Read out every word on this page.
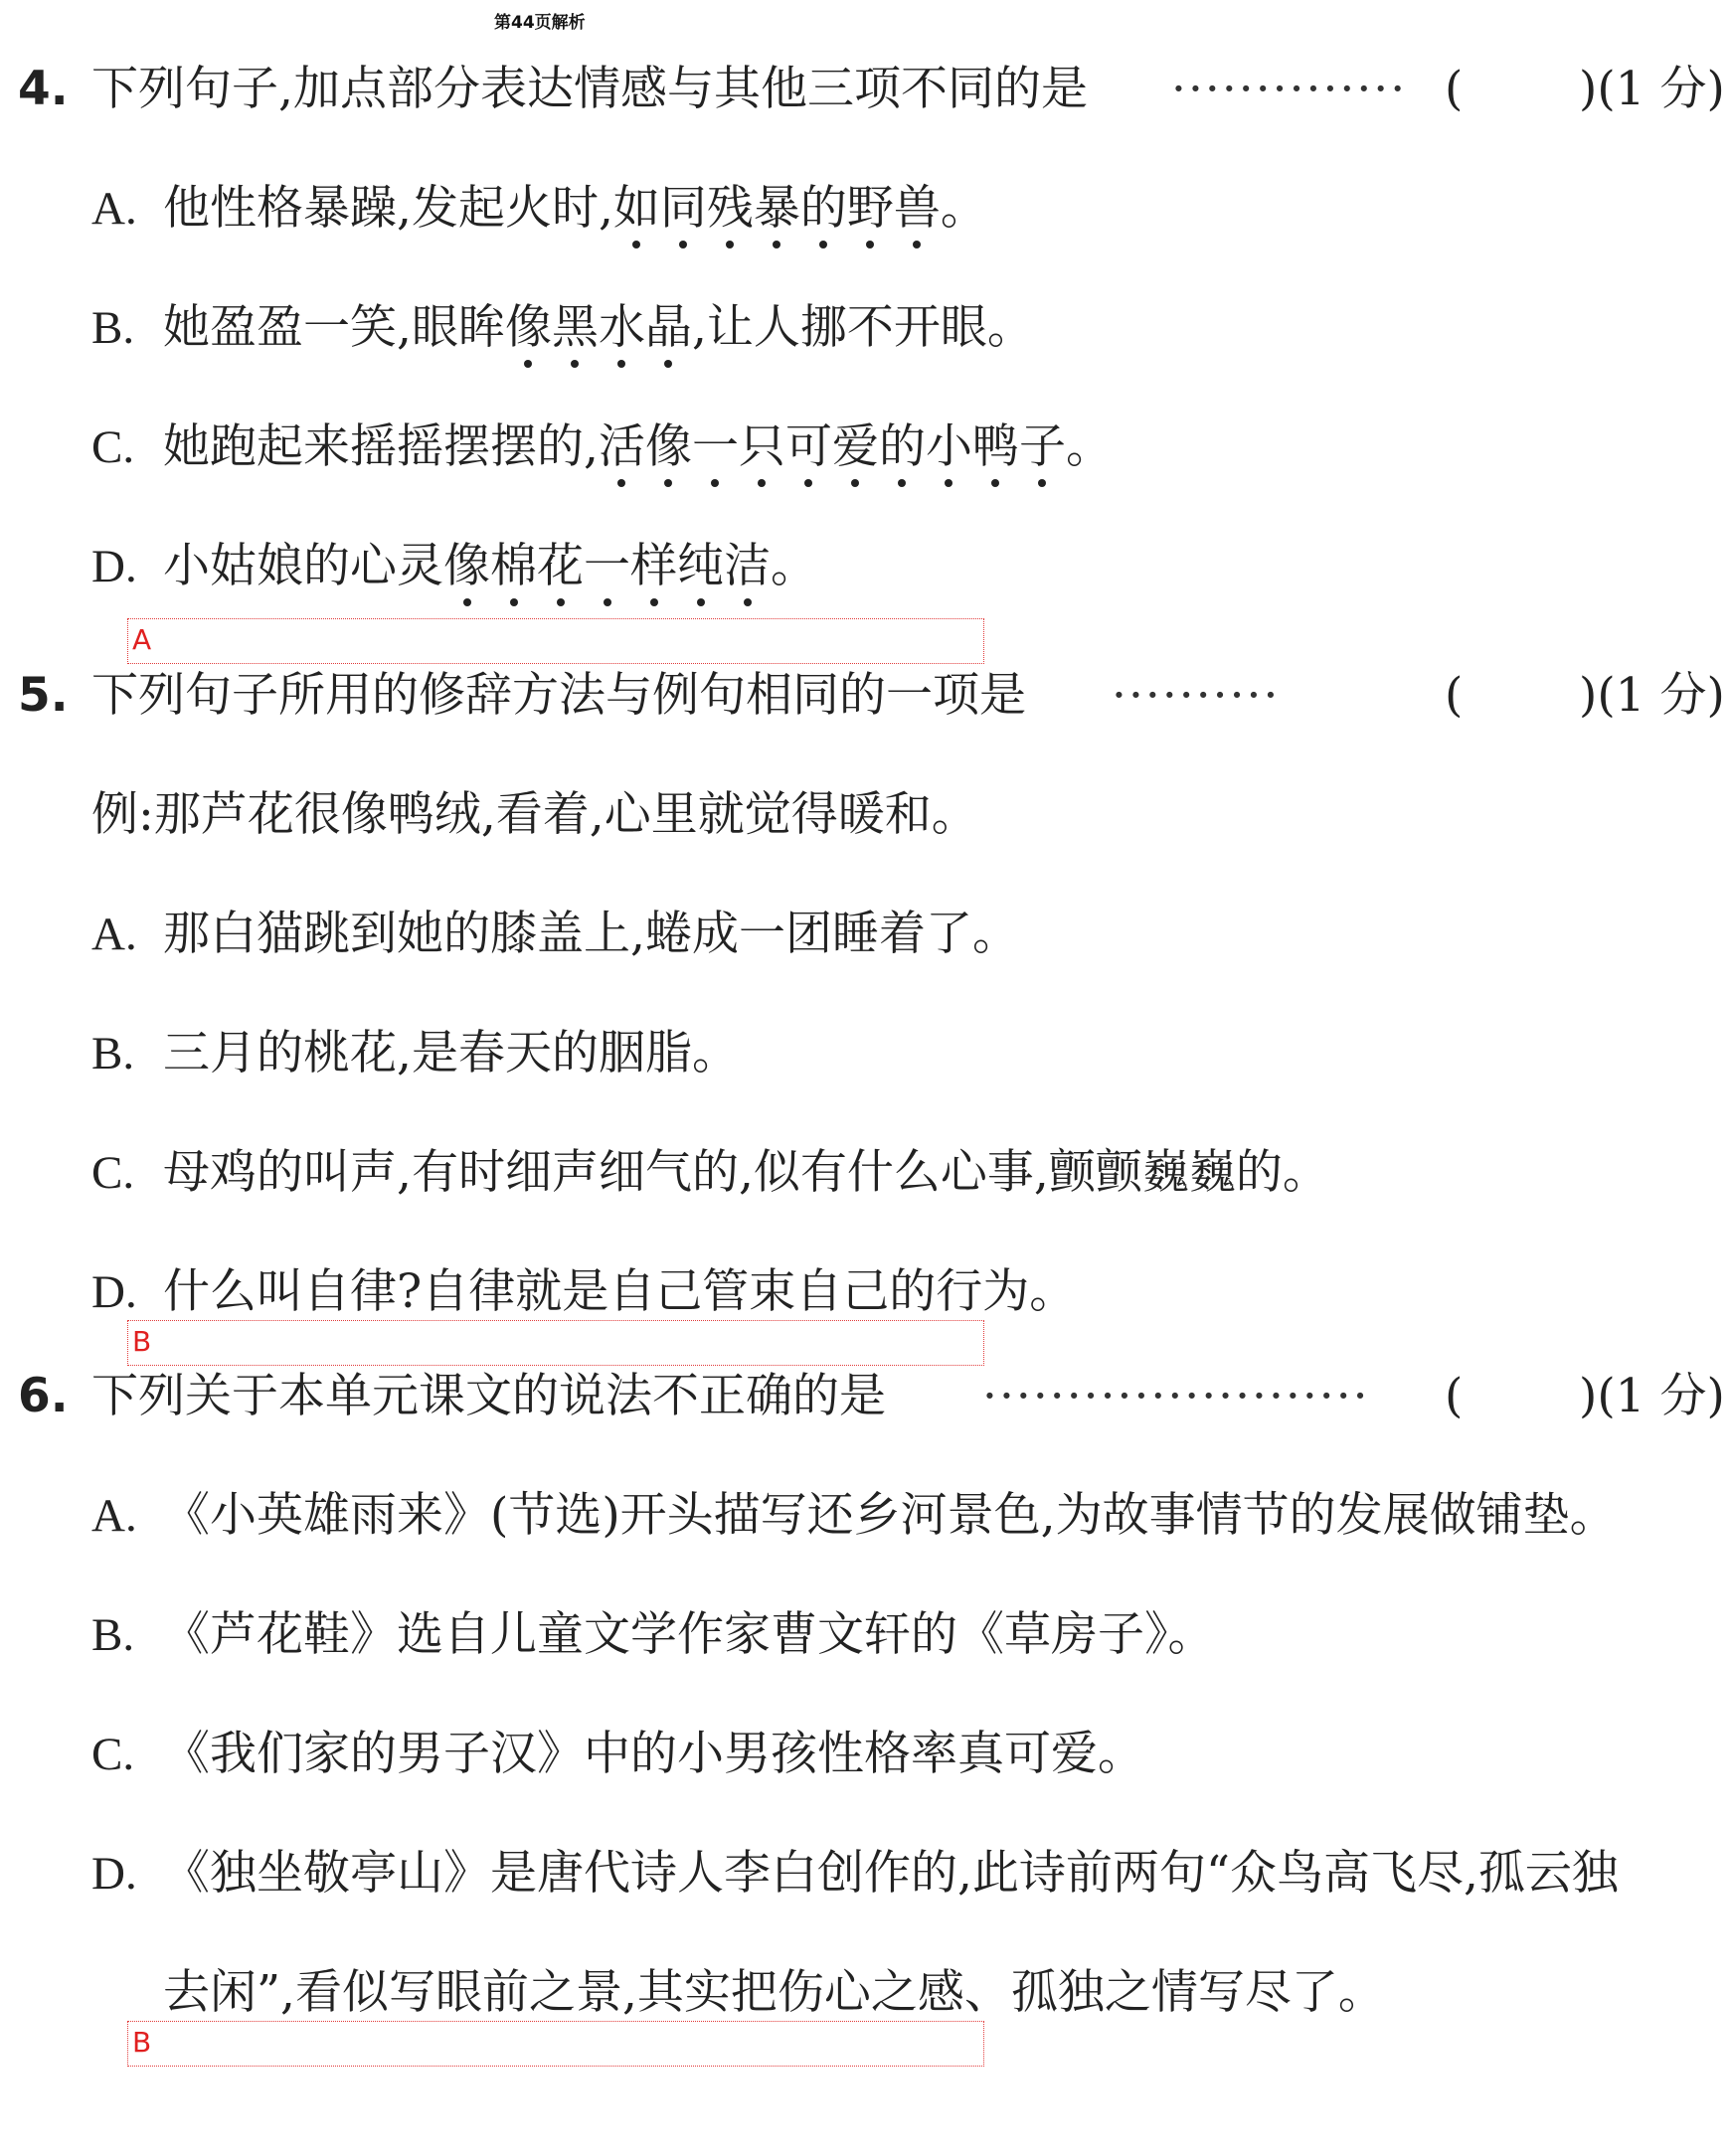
第44页解析
4. 下列句子,加点部分表达情感与其他三项不同的是 ·············· ( )(1 分)
A. 他性格暴躁,发起火时,如同残暴的野兽
。
B. 她盈盈一笑,眼眸像黑水晶
,让人挪不开眼。
C. 她跑起来摇摇摆摆的,活像一只可爱的小鸭子
。
D. 小姑娘的心灵像棉花一样纯洁
。
A
5. 下列句子所用的修辞方法与例句相同的一项是 ··········	( )(1 分)
例:那芦花很像鸭绒,看着,心里就觉得暖和。
A. 那白猫跳到她的膝盖上,蜷成一团睡着了。
B. 三月的桃花,是春天的胭脂。
C. 母鸡的叫声,有时细声细气的,似有什么心事,颤颤巍巍的。
D. 什么叫自律?自律就是自己管束自己的行为。
B
6. 下列关于本单元课文的说法不正确的是 ······················· ( )(1 分)
A. 《小英雄雨来》(节选)开头描写还乡河景色,为故事情节的发展做铺垫。
B. 《芦花鞋》选自儿童文学作家曹文轩的《草房子》。
C. 《我们家的男子汉》中的小男孩性格率真可爱。
D. 《独坐敬亭山》是唐代诗人李白创作的,此诗前两句“众鸟高飞尽,孤云独
去闲”,看似写眼前之景,其实把伤心之感、孤独之情写尽了。
B
